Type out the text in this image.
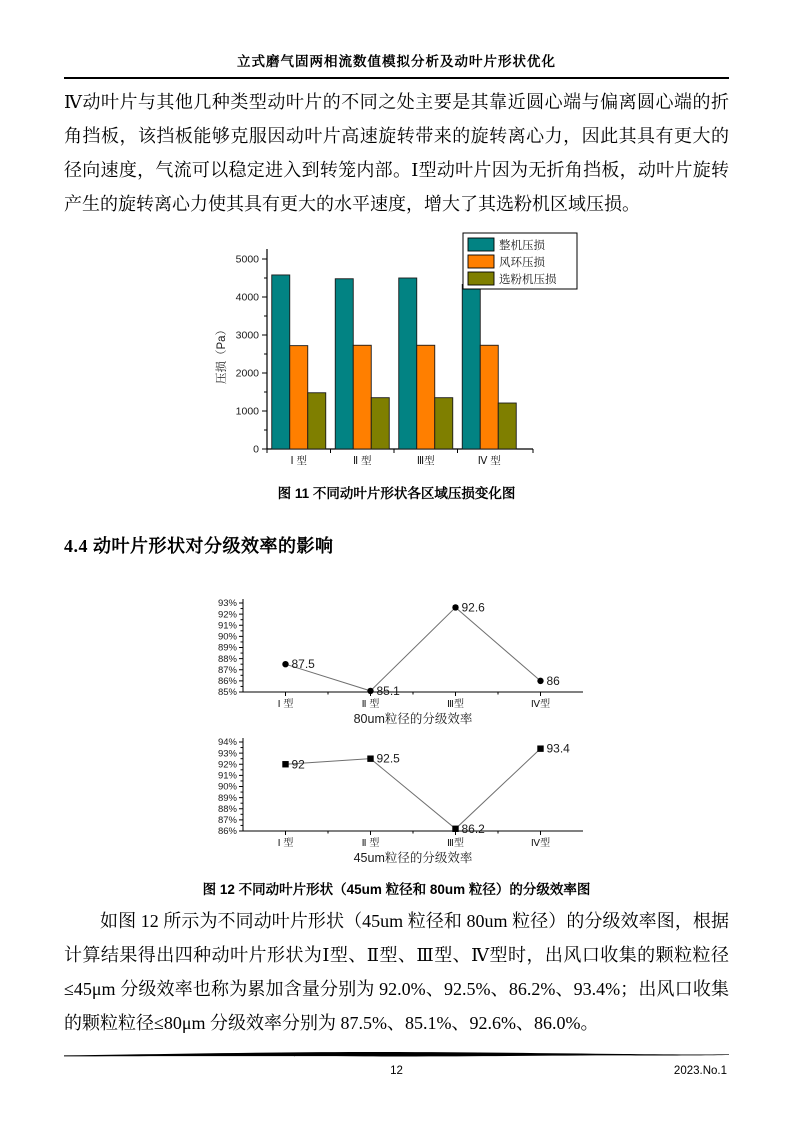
立式磨气固两相流数值模拟分析及动叶片形状优化

Ⅳ动叶片与其他几种类型动叶片的不同之处主要是其靠近圆心端与偏离圆心端的折角挡板，该挡板能够克服因动叶片高速旋转带来的旋转离心力，因此其具有更大的径向速度，气流可以稳定进入到转笼内部。Ⅰ型动叶片因为无折角挡板，动叶片旋转产生的旋转离心力使其具有更大的水平速度，增大了其选粉机区域压损。

0
1000
2000
3000
4000
5000
Ⅰ 型	Ⅱ 型	Ⅲ型	Ⅳ 型
压损（Pa）
整机压损
风环压损
选粉机压损
图 11 不同动叶片形状各区域压损变化图
4.4 动叶片形状对分级效率的影响
85%
86%
87%
88%
89%
90%
91%
92%
93%
Ⅰ 型	Ⅱ 型	Ⅲ型	Ⅳ型
87.5
85.1
92.6
86
80um粒径的分级效率

86%
87%
88%
89%
90%
91%
92%
93%
94%
Ⅰ 型	Ⅱ 型	Ⅲ型	Ⅳ型
92	92.5
86.2
93.4
45um粒径的分级效率
图 12 不同动叶片形状（45um 粒径和 80um 粒径）的分级效率图

如图 12 所示为不同动叶片形状（45um 粒径和 80um 粒径）的分级效率图，根据计算结果得出四种动叶片形状为Ⅰ型、Ⅱ型、Ⅲ型、Ⅳ型时，出风口收集的颗粒粒径≤45μm 分级效率也称为累加含量分别为 92.0%、92.5%、86.2%、93.4%；出风口收集的颗粒粒径≤80μm 分级效率分别为 87.5%、85.1%、92.6%、86.0%。

12	2023.No.1
